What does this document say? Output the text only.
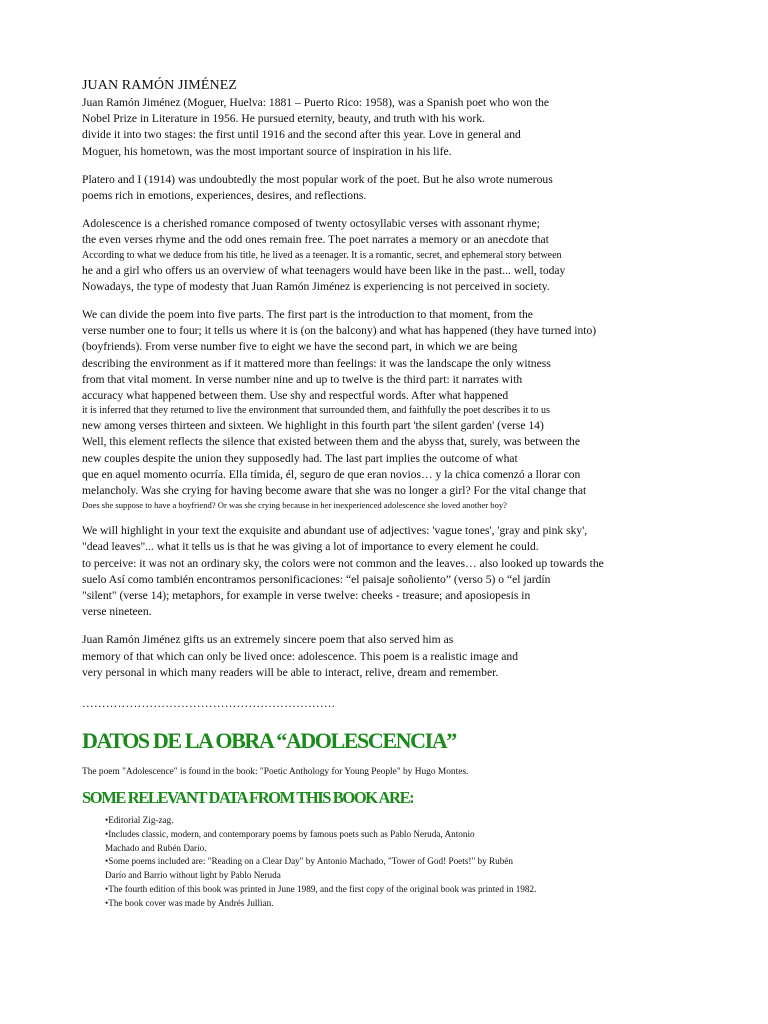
JUAN RAMÓN JIMÉNEZ
Juan Ramón Jiménez (Moguer, Huelva: 1881 – Puerto Rico: 1958), was a Spanish poet who won the
Nobel Prize in Literature in 1956. He pursued eternity, beauty, and truth with his work.
divide it into two stages: the first until 1916 and the second after this year. Love in general and
Moguer, his hometown, was the most important source of inspiration in his life.
Platero and I (1914) was undoubtedly the most popular work of the poet. But he also wrote numerous
poems rich in emotions, experiences, desires, and reflections.
Adolescence is a cherished romance composed of twenty octosyllabic verses with assonant rhyme;
the even verses rhyme and the odd ones remain free. The poet narrates a memory or an anecdote that
According to what we deduce from his title, he lived as a teenager. It is a romantic, secret, and ephemeral story between
he and a girl who offers us an overview of what teenagers would have been like in the past... well, today
Nowadays, the type of modesty that Juan Ramón Jiménez is experiencing is not perceived in society.
We can divide the poem into five parts. The first part is the introduction to that moment, from the
verse number one to four; it tells us where it is (on the balcony) and what has happened (they have turned into)
(boyfriends). From verse number five to eight we have the second part, in which we are being
describing the environment as if it mattered more than feelings: it was the landscape the only witness
from that vital moment. In verse number nine and up to twelve is the third part: it narrates with
accuracy what happened between them. Use shy and respectful words. After what happened
it is inferred that they returned to live the environment that surrounded them, and faithfully the poet describes it to us
new among verses thirteen and sixteen. We highlight in this fourth part 'the silent garden' (verse 14)
Well, this element reflects the silence that existed between them and the abyss that, surely, was between the
new couples despite the union they supposedly had. The last part implies the outcome of what
que en aquel momento ocurría. Ella tímida, él, seguro de que eran novios… y la chica comenzó a llorar con
melancholy. Was she crying for having become aware that she was no longer a girl? For the vital change that
Does she suppose to have a boyfriend? Or was she crying because in her inexperienced adolescence she loved another boy?
We will highlight in your text the exquisite and abundant use of adjectives: 'vague tones', 'gray and pink sky',
"dead leaves"... what it tells us is that he was giving a lot of importance to every element he could.
to perceive: it was not an ordinary sky, the colors were not common and the leaves… also looked up towards the
suelo Así como también encontramos personificaciones: “el paisaje soñoliento” (verso 5) o “el jardín
"silent" (verse 14); metaphors, for example in verse twelve: cheeks - treasure; and aposiopesis in
verse nineteen.
Juan Ramón Jiménez gifts us an extremely sincere poem that also served him as
memory of that which can only be lived once: adolescence. This poem is a realistic image and
very personal in which many readers will be able to interact, relive, dream and remember.
……………………………………………………….
DATOS DE LA OBRA “ADOLESCENCIA”

The poem "Adolescence" is found in the book: "Poetic Anthology for Young People" by Hugo Montes.

SOME RELEVANT DATA FROM THIS BOOK ARE:
•Editorial Zig-zag.
•Includes classic, modern, and contemporary poems by famous poets such as Pablo Neruda, Antonio
Machado and Rubén Darío.
•Some poems included are: "Reading on a Clear Day" by Antonio Machado, "Tower of God! Poets!" by Rubén
Darío and Barrio without light by Pablo Neruda
•The fourth edition of this book was printed in June 1989, and the first copy of the original book was printed in 1982.
•The book cover was made by Andrés Jullian.
